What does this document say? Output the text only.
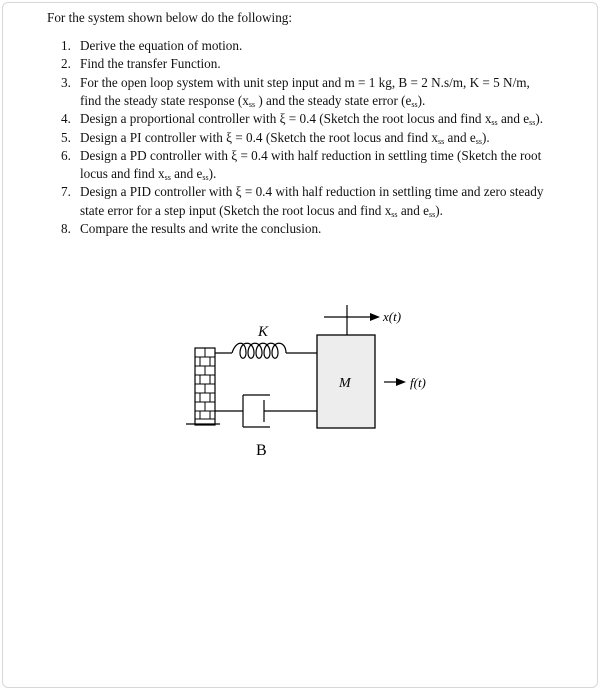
For the system shown below do the following:
1. Derive the equation of motion.
2. Find the transfer Function.
3. For the open loop system with unit step input and m = 1 kg, B = 2 N.s/m, K = 5 N/m,
find the steady state response ($x_{ss}$ ) and the steady state error $(e_{ss})$.
4. Design a proportional controller with ξ = 0.4 (Sketch the root locus and find $x_{ss}$ and $e_{ss}$).
5. Design a PI controller with ξ = 0.4 (Sketch the root locus and find $x_{ss}$ and $e_{ss}$).
6. Design a PD controller with ξ = 0.4 with half reduction in settling time (Sketch the root
locus and find $x_{ss}$ and $e_{ss}$).
7. Design a PID controller with ξ = 0.4 with half reduction in settling time and zero steady
state error for a step input (Sketch the root locus and find $x_{ss}$ and $e_{ss}$).
8. Compare the results and write the conclusion.
K
B
M
x(t)
f(t)
